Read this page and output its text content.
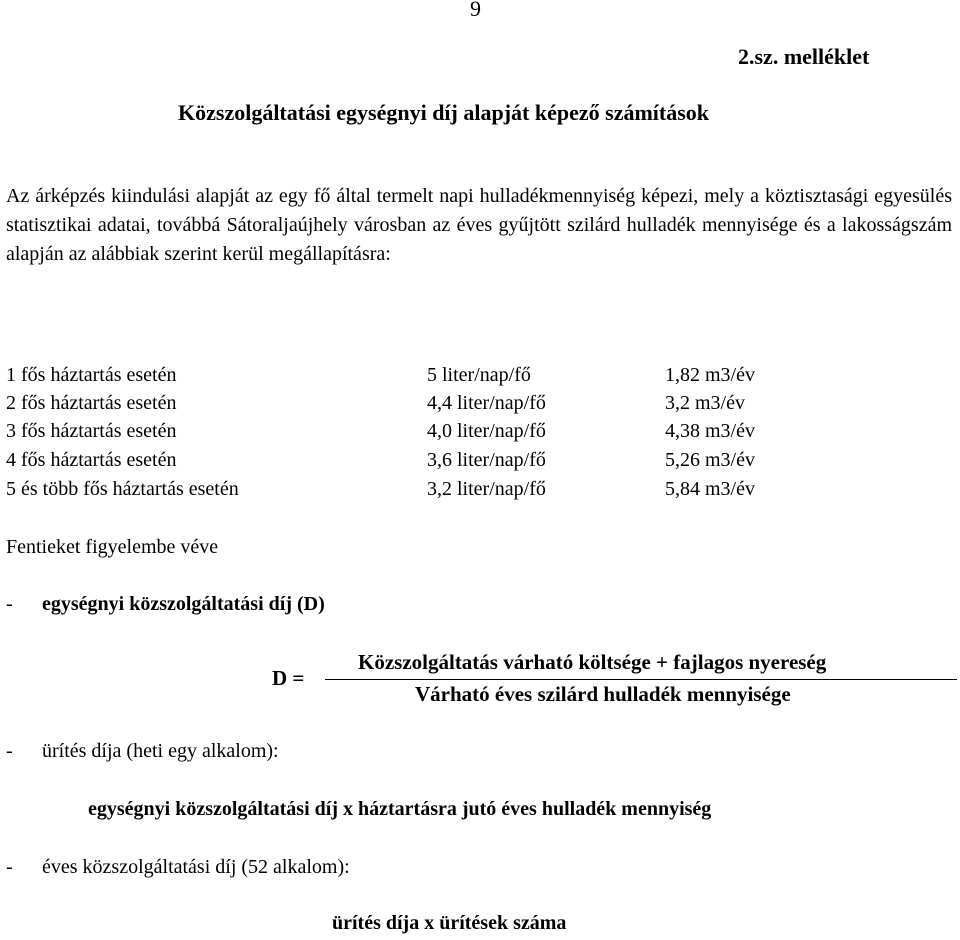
9
2.sz. melléklet
Közszolgáltatási egységnyi díj alapját képező számítások
Az árképzés kiindulási alapját az egy fő által termelt napi hulladékmennyiség képezi, mely a köztisztasági egyesülés statisztikai adatai, továbbá Sátoraljaújhely városban az éves gyűjtött szilárd hulladék mennyisége és a lakosságszám alapján az alábbiak szerint kerül megállapításra:
1 fős háztartás esetén	5 liter/nap/fő	1,82 m3/év
2 fős háztartás esetén	4,4 liter/nap/fő	3,2 m3/év
3 fős háztartás esetén	4,0 liter/nap/fő	4,38 m3/év
4 fős háztartás esetén	3,6 liter/nap/fő	5,26 m3/év
5 és több fős háztartás esetén	3,2 liter/nap/fő	5,84 m3/év
Fentieket figyelembe véve
- egységnyi közszolgáltatási díj (D)
Közszolgáltatás várható költsége + fajlagos nyereség
D =
Várható éves szilárd hulladék mennyisége
- ürítés díja (heti egy alkalom):
egységnyi közszolgáltatási díj x háztartásra jutó éves hulladék mennyiség
- éves közszolgáltatási díj (52 alkalom):
ürítés díja x ürítések száma
